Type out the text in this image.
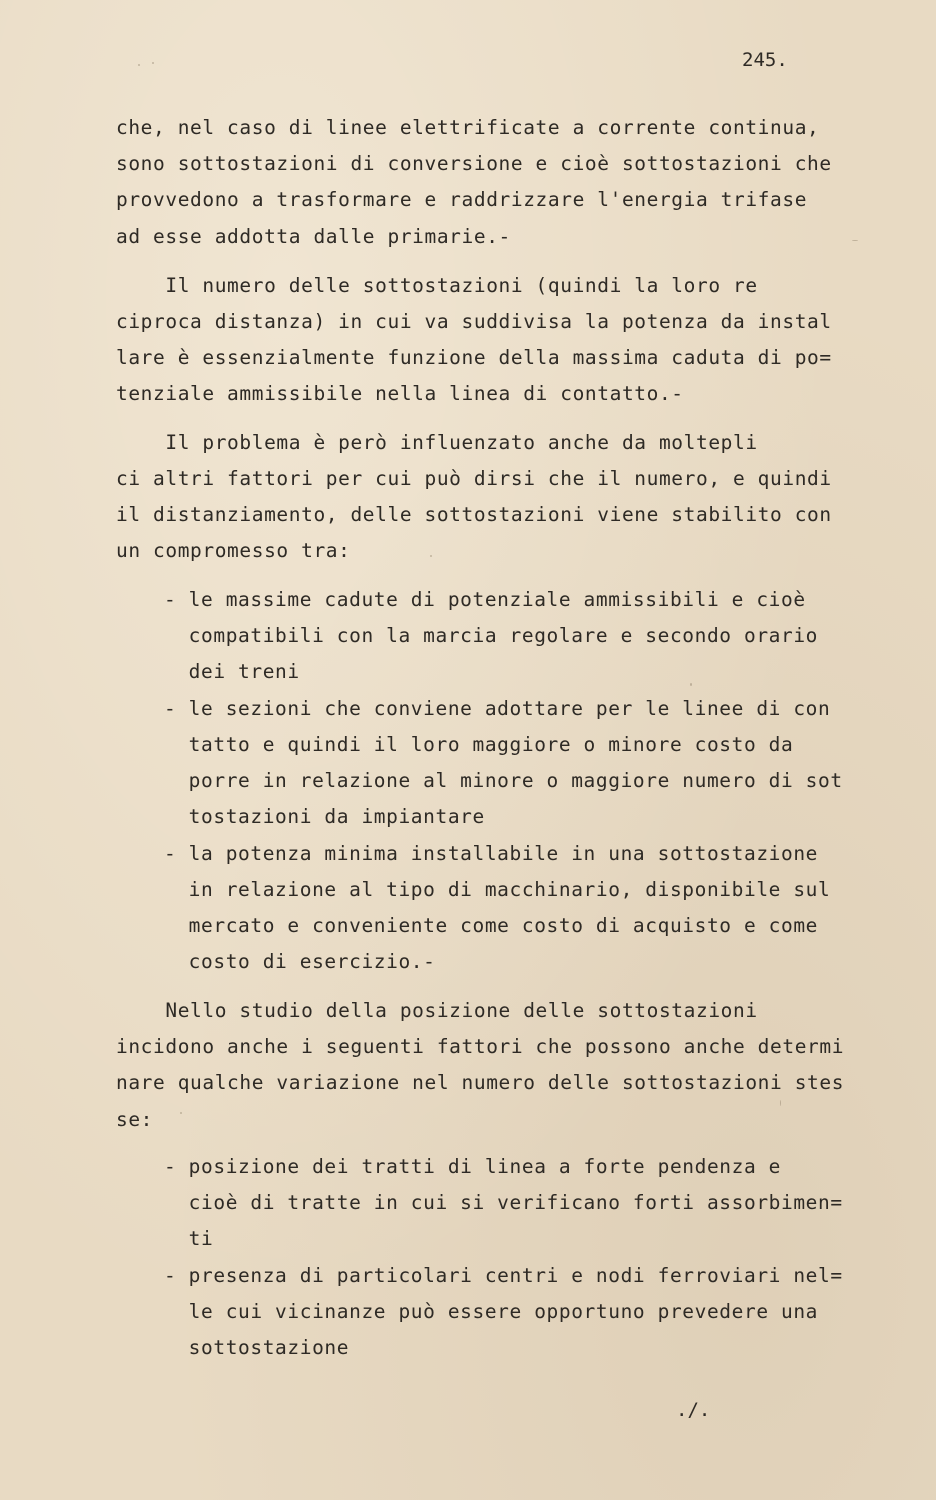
245.
che, nel caso di linee elettrificate a corrente continua,
sono sottostazioni di conversione e cioè sottostazioni che
provvedono a trasformare e raddrizzare l'energia trifase
ad esse addotta dalle primarie.-
Il numero delle sottostazioni (quindi la loro re
ciproca distanza) in cui va suddivisa la potenza da instal
lare è essenzialmente funzione della massima caduta di po=
tenziale ammissibile nella linea di contatto.-
Il problema è però influenzato anche da moltepli
ci altri fattori per cui può dirsi che il numero, e quindi
il distanziamento, delle sottostazioni viene stabilito con
un compromesso tra:
- le massime cadute di potenziale ammissibili e cioè
compatibili con la marcia regolare e secondo orario
dei treni
- le sezioni che conviene adottare per le linee di con
tatto e quindi il loro maggiore o minore costo da
porre in relazione al minore o maggiore numero di sot
tostazioni da impiantare
- la potenza minima installabile in una sottostazione
in relazione al tipo di macchinario, disponibile sul
mercato e conveniente come costo di acquisto e come
costo di esercizio.-
Nello studio della posizione delle sottostazioni
incidono anche i seguenti fattori che possono anche determi
nare qualche variazione nel numero delle sottostazioni stes
se:
- posizione dei tratti di linea a forte pendenza e
cioè di tratte in cui si verificano forti assorbimen=
ti
- presenza di particolari centri e nodi ferroviari nel=
le cui vicinanze può essere opportuno prevedere una
sottostazione
./.
